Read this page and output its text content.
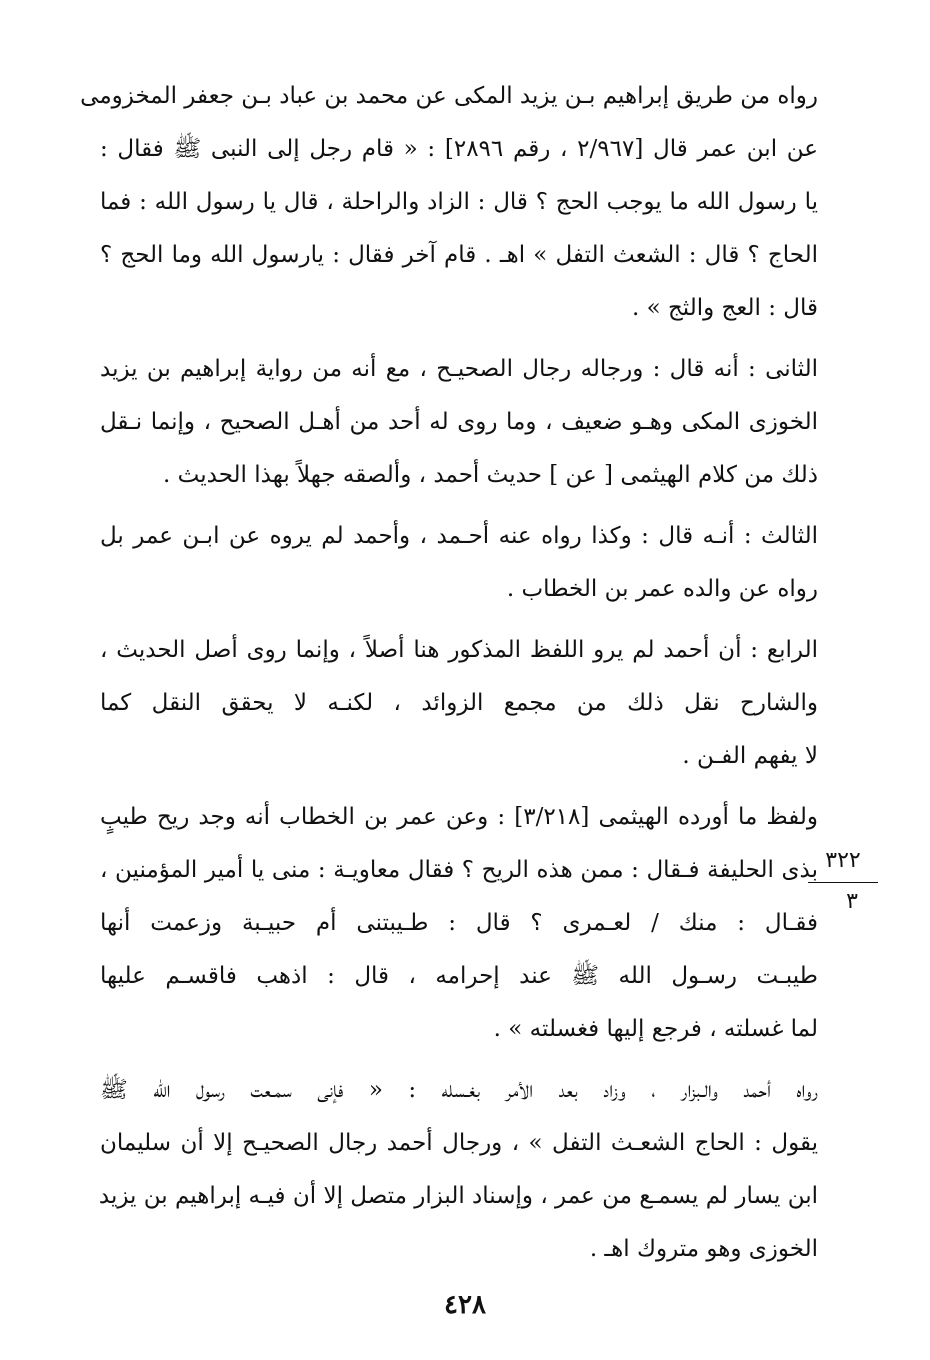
رواه من طريق إبراهيم بـن يزيد المكى عن محمد بن عباد بـن جعفر المخزومى
عن ابن عمر قال [٢/٩٦٧ ، رقم ٢٨٩٦] : « قام رجل إلى النبى ﷺ فقال :
يا رسول الله ما يوجب الحج ؟ قال : الزاد والراحلة ، قال يا رسول الله : فما
الحاج ؟ قال : الشعث التفل » اهـ . قام آخر فقال : يارسول الله وما الحج ؟
قال : العج والثج » .
الثانى : أنه قال : ورجاله رجال الصحيـح ، مع أنه من رواية إبراهيم بن يزيد
الخوزى المكى وهـو ضعيف ، وما روى له أحد من أهـل الصحيح ، وإنما نـقل
ذلك من كلام الهيثمى [ عن ] حديث أحمد ، وألصقه جهلاً بهذا الحديث .
الثالث : أنـه قال : وكذا رواه عنه أحـمد ، وأحمد لم يروه عن ابـن عمر بل
رواه عن والده عمر بن الخطاب .
الرابع : أن أحمد لم يرو اللفظ المذكور هنا أصلاً ، وإنما روى أصل الحديث ،
والشارح نقل ذلك من مجمع الزوائد ، لكنـه لا يحقق النقل كما
لا يفهم الفـن .
ولفظ ما أورده الهيثمى [٣/٢١٨] : وعن عمر بن الخطاب أنه وجد ريح طيبٍ
بذى الحليفة فـقال : ممن هذه الريح ؟ فقال معاويـة : منى يا أمير المؤمنين ،
فقـال : منك / لعـمرى ؟ قال : طـيبتنى أم حبيـبة وزعمت أنها
طيبـت رسـول الله ﷺ عند إحرامه ، قال : اذهب فاقسـم عليها
لما غسلته ، فرجع إليها فغسلته » .
رواه أحمد والـبزار ، وزاد بعد الأمر بغـسله : « فإنى سمـعت رسول الله ﷺ
يقول : الحاج الشعـث التفل » ، ورجال أحمد رجال الصحيـح إلا أن سليمان
ابن يسار لم يسمـع من عمر ، وإسناد البزار متصل إلا أن فيـه إبراهيم بن يزيد
الخوزى وهو متروك اهـ .
٣٢٢
٣
٤٢٨
